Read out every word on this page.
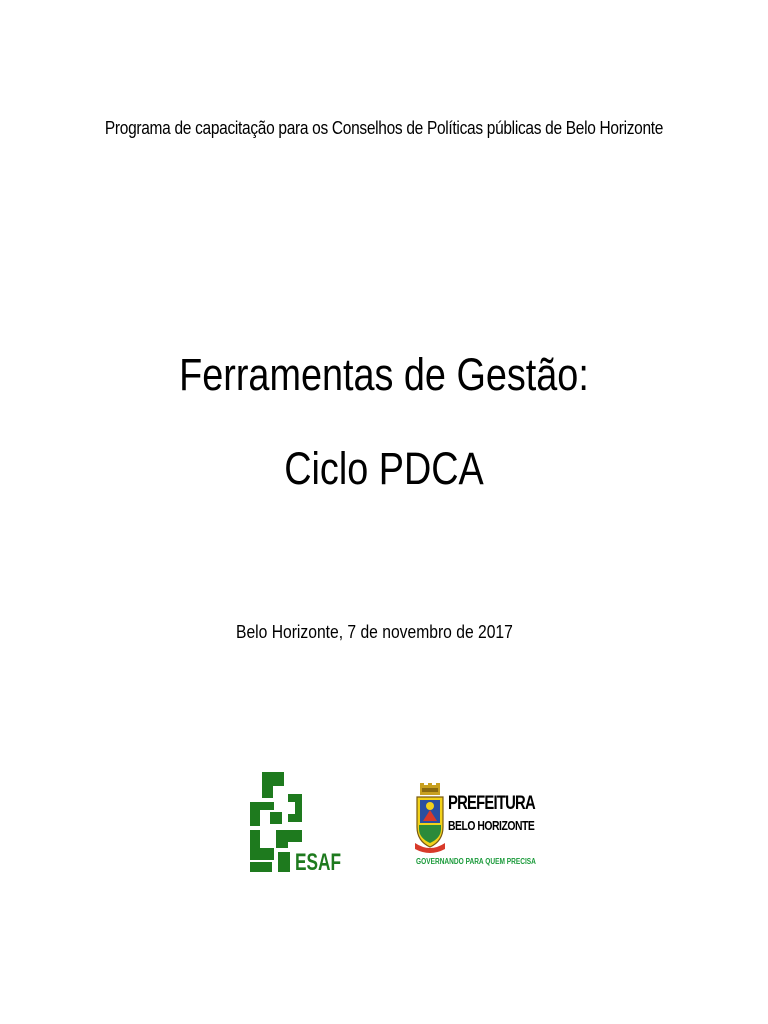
Programa de capacitação para os Conselhos de Políticas públicas de Belo Horizonte
Ferramentas de Gestão:
Ciclo PDCA
Belo Horizonte, 7 de novembro de 2017
ESAF
PREFEITURA
BELO HORIZONTE
GOVERNANDO PARA QUEM PRECISA
